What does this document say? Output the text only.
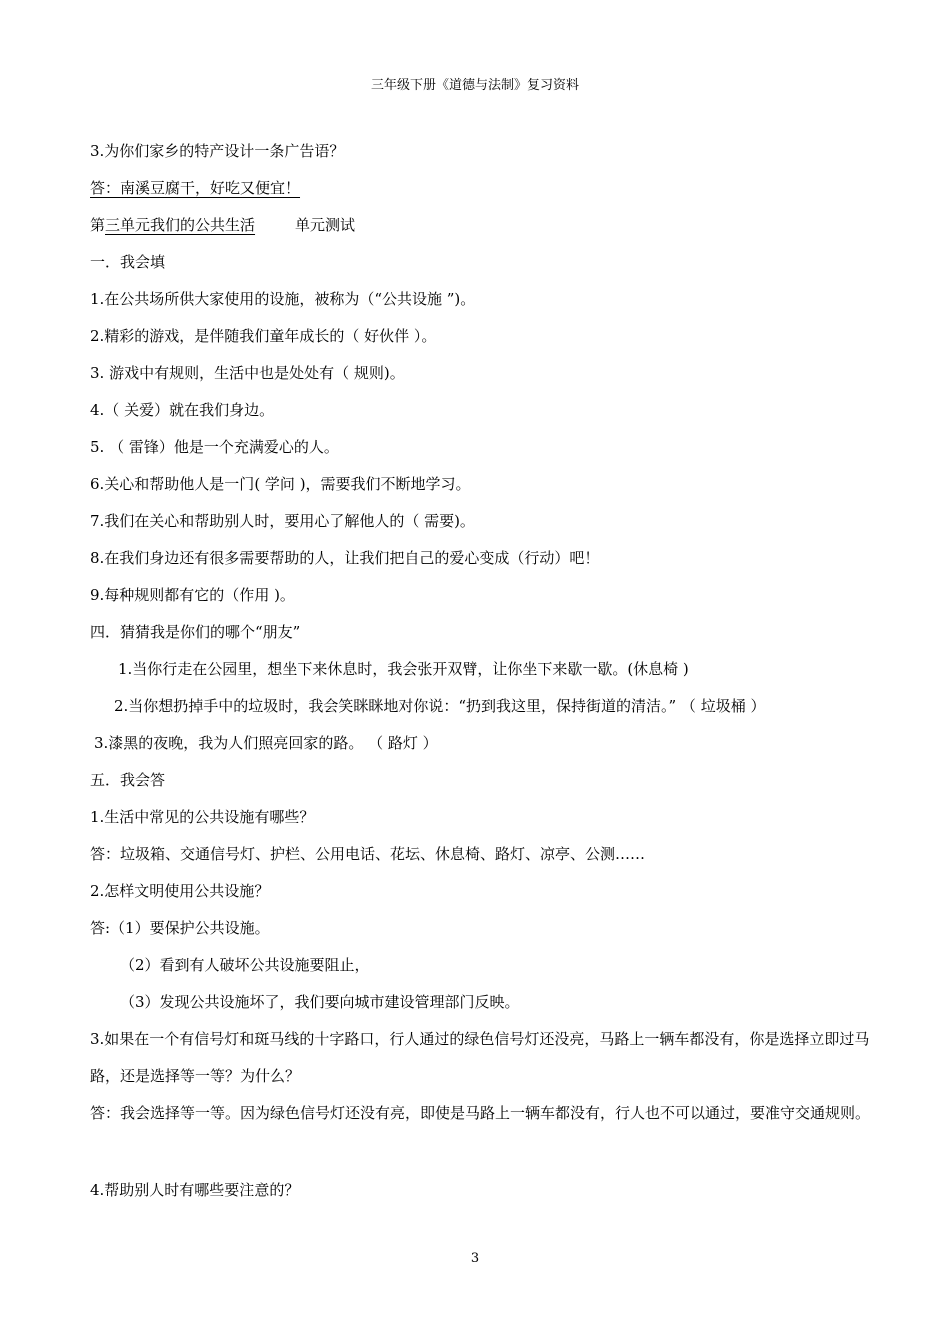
三年级下册《道德与法制》复习资料
3.为你们家乡的特产设计一条广告语？
答：南溪豆腐干，好吃又便宜！
第三单元我们的公共生活	单元测试
一．我会填
1.在公共场所供大家使用的设施，被称为（“公共设施 ”)。
2.精彩的游戏，是伴随我们童年成长的（ 好伙伴 ）。
3. 游戏中有规则，生活中也是处处有（ 规则)。
4.（ 关爱）就在我们身边。
5. （ 雷锋）他是一个充满爱心的人。
6.关心和帮助他人是一门( 学问 )，需要我们不断地学习。
7.我们在关心和帮助别人时，要用心了解他人的（ 需要)。
8.在我们身边还有很多需要帮助的人，让我们把自己的爱心变成（行动）吧！
9.每种规则都有它的（作用 )。
四．猜猜我是你们的哪个“朋友”
1.当你行走在公园里，想坐下来休息时，我会张开双臂，让你坐下来歇一歇。(休息椅 )
2.当你想扔掉手中的垃圾时，我会笑眯眯地对你说：“扔到我这里，保持街道的清洁。” （ 垃圾桶 ）
3.漆黑的夜晚，我为人们照亮回家的路。 （ 路灯 ）
五．我会答
1.生活中常见的公共设施有哪些？
答：垃圾箱、交通信号灯、护栏、公用电话、花坛、休息椅、路灯、凉亭、公测……
2.怎样文明使用公共设施？
答:（1）要保护公共设施。
（2）看到有人破坏公共设施要阻止，
（3）发现公共设施坏了，我们要向城市建设管理部门反映。
3.如果在一个有信号灯和斑马线的十字路口，行人通过的绿色信号灯还没亮，马路上一辆车都没有，你是选择立即过马路，还是选择等一等？为什么？
答：我会选择等一等。因为绿色信号灯还没有亮，即使是马路上一辆车都没有，行人也不可以通过，要准守交通规则。
4.帮助别人时有哪些要注意的？
3
